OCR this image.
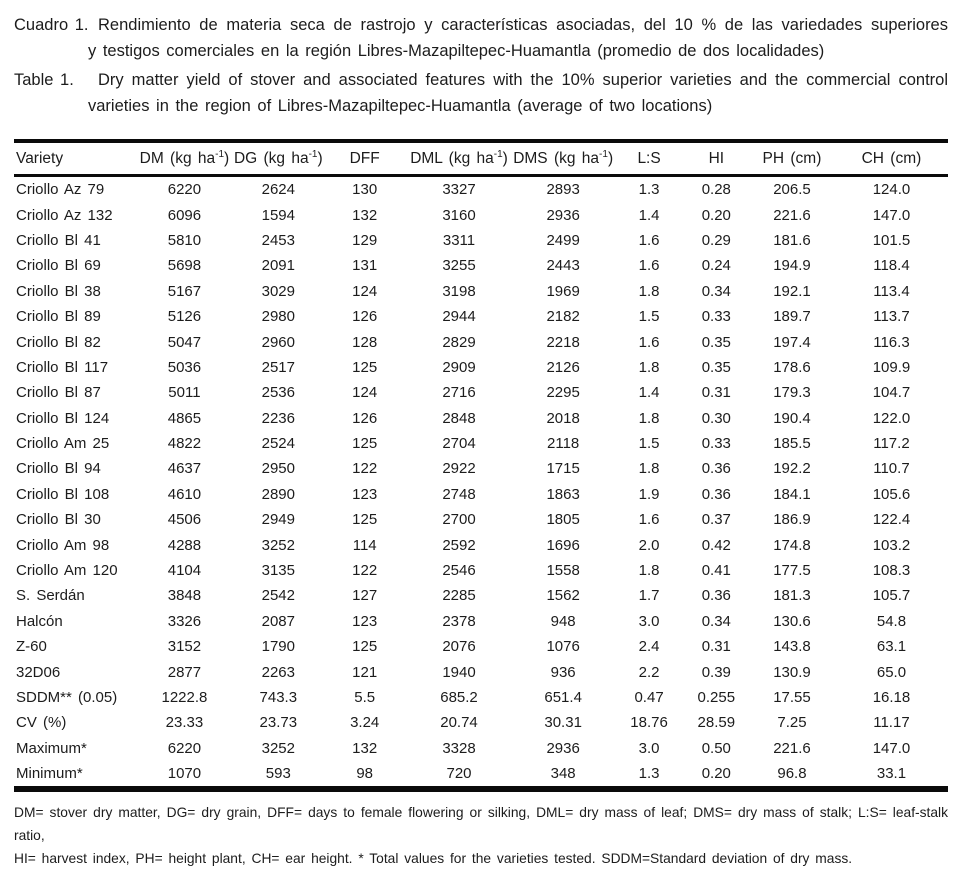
Cuadro 1. Rendimiento de materia seca de rastrojo y características asociadas, del 10 % de las variedades superiores
y testigos comerciales en la región Libres-Mazapiltepec-Huamantla (promedio de dos localidades)
Table 1.	Dry matter yield of stover and associated features with the 10% superior varieties and the commercial control
varieties in the region of Libres-Mazapiltepec-Huamantla (average of two locations)
Variety	DM (kg $ha^{-1}$)	DG (kg $ha^{-1}$)	DFF	DML (kg $ha^{-1}$)	DMS (kg $ha^{-1}$)	L:S	HI	PH (cm)	CH (cm)
Criollo Az 79	6220	2624	130	3327	2893	1.3	0.28	206.5	124.0
Criollo Az 132	6096	1594	132	3160	2936	1.4	0.20	221.6	147.0
Criollo Bl 41	5810	2453	129	3311	2499	1.6	0.29	181.6	101.5
Criollo Bl 69	5698	2091	131	3255	2443	1.6	0.24	194.9	118.4
Criollo Bl 38	5167	3029	124	3198	1969	1.8	0.34	192.1	113.4
Criollo Bl 89	5126	2980	126	2944	2182	1.5	0.33	189.7	113.7
Criollo Bl 82	5047	2960	128	2829	2218	1.6	0.35	197.4	116.3
Criollo Bl 117	5036	2517	125	2909	2126	1.8	0.35	178.6	109.9
Criollo Bl 87	5011	2536	124	2716	2295	1.4	0.31	179.3	104.7
Criollo Bl 124	4865	2236	126	2848	2018	1.8	0.30	190.4	122.0
Criollo Am 25	4822	2524	125	2704	2118	1.5	0.33	185.5	117.2
Criollo Bl 94	4637	2950	122	2922	1715	1.8	0.36	192.2	110.7
Criollo Bl 108	4610	2890	123	2748	1863	1.9	0.36	184.1	105.6
Criollo Bl 30	4506	2949	125	2700	1805	1.6	0.37	186.9	122.4
Criollo Am 98	4288	3252	114	2592	1696	2.0	0.42	174.8	103.2
Criollo Am 120	4104	3135	122	2546	1558	1.8	0.41	177.5	108.3
S. Serdán	3848	2542	127	2285	1562	1.7	0.36	181.3	105.7
Halcón	3326	2087	123	2378	948	3.0	0.34	130.6	54.8
Z-60	3152	1790	125	2076	1076	2.4	0.31	143.8	63.1
32D06	2877	2263	121	1940	936	2.2	0.39	130.9	65.0
SDDM** (0.05)	1222.8	743.3	5.5	685.2	651.4	0.47	0.255	17.55	16.18
CV (%)	23.33	23.73	3.24	20.74	30.31	18.76	28.59	7.25	11.17
Maximum*	6220	3252	132	3328	2936	3.0	0.50	221.6	147.0
Minimum*	1070	593	98	720	348	1.3	0.20	96.8	33.1
DM= stover dry matter, DG= dry grain, DFF= days to female flowering or silking, DML= dry mass of leaf; DMS= dry mass of stalk; L:S= leaf-stalk ratio,
HI= harvest index, PH= height plant, CH= ear height. * Total values for the varieties tested. SDDM=Standard deviation of dry mass.
